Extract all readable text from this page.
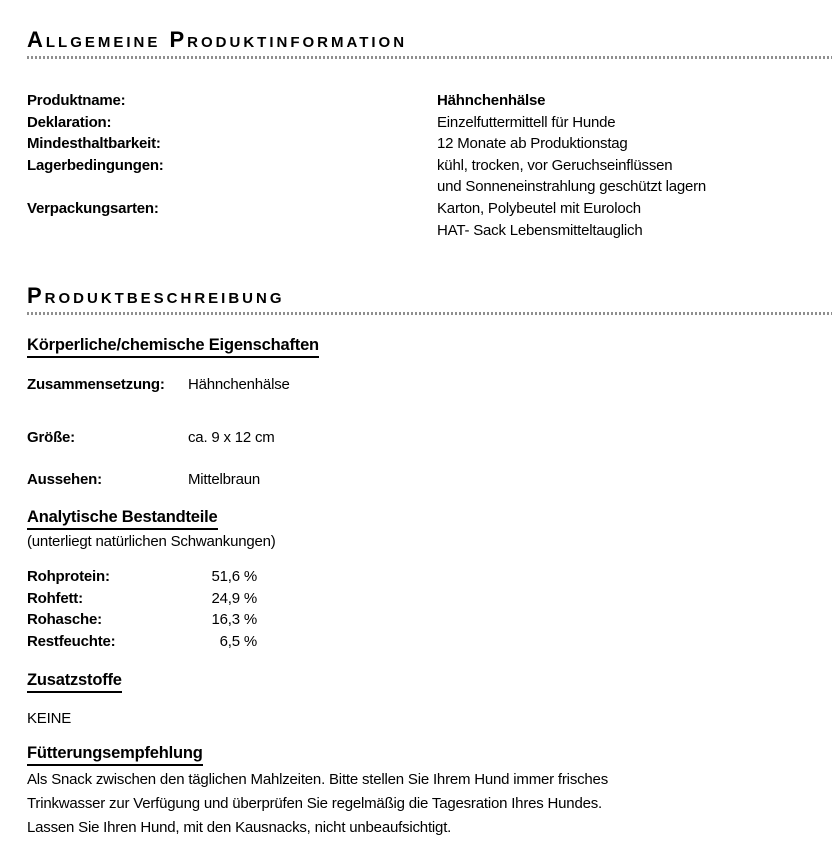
Allgemeine Produktinformation
Produktname:	Hähnchenhälse
Deklaration:	Einzelfuttermittell für Hunde
Mindesthaltbarkeit:	12 Monate ab Produktionstag
Lagerbedingungen:	kühl, trocken, vor Geruchseinflüssen
und Sonneneinstrahlung geschützt lagern
Verpackungsarten:	Karton, Polybeutel mit Euroloch
HAT- Sack Lebensmitteltauglich
Produktbeschreibung
Körperliche/chemische Eigenschaften
Zusammensetzung: Hähnchenhälse
Größe:	ca. 9 x 12 cm
Aussehen:	Mittelbraun
Analytische Bestandteile
(unterliegt natürlichen Schwankungen)
Rohprotein:	51,6 %
Rohfett:	24,9 %
Rohasche:	16,3 %
Restfeuchte:	6,5 %
Zusatzstoffe
KEINE
Fütterungsempfehlung
Als Snack zwischen den täglichen Mahlzeiten. Bitte stellen Sie Ihrem Hund immer frisches
Trinkwasser zur Verfügung und überprüfen Sie regelmäßig die Tagesration Ihres Hundes.
Lassen Sie Ihren Hund, mit den Kausnacks, nicht unbeaufsichtigt.
